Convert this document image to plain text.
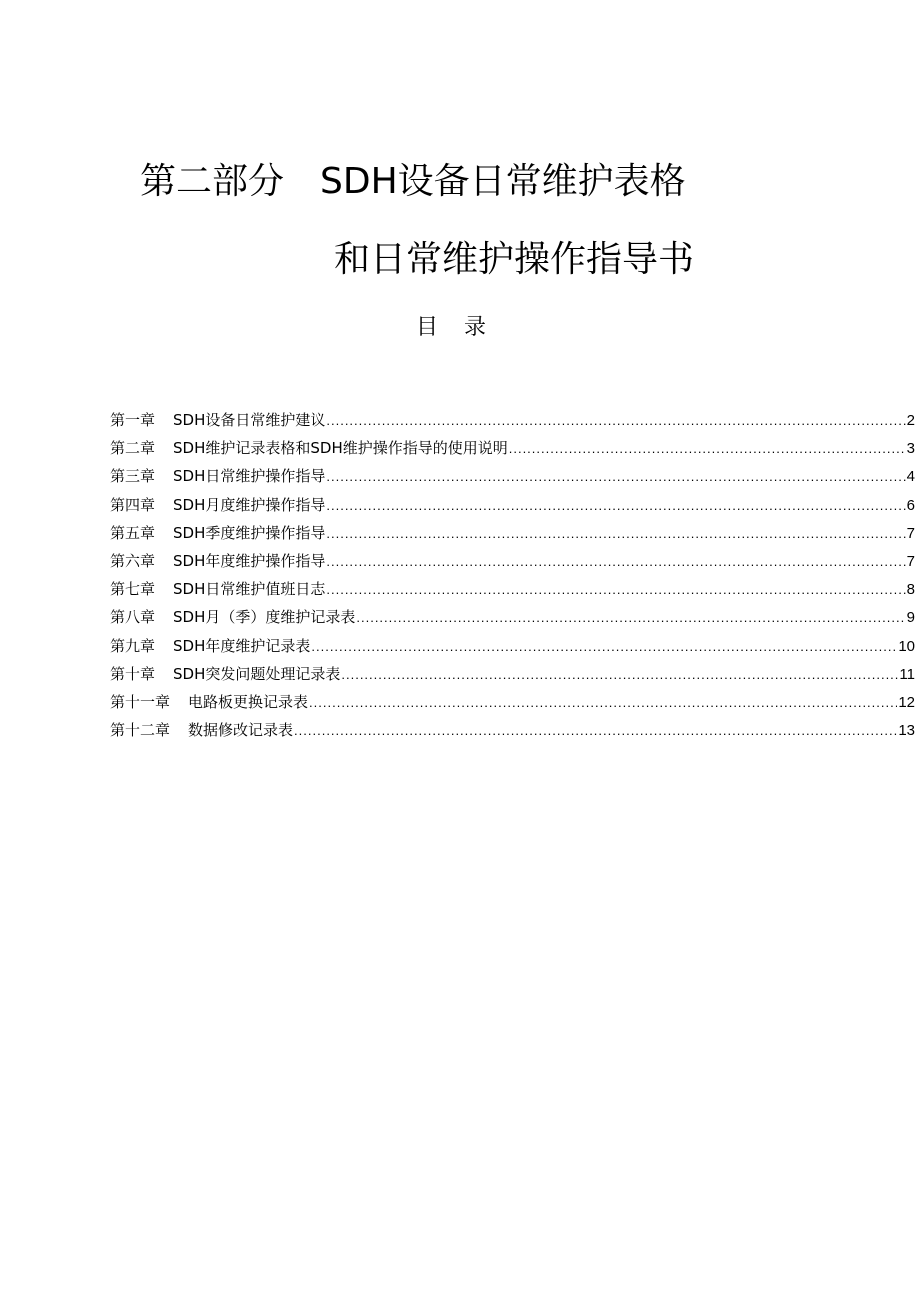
第二部分　SDH设备日常维护表格
和日常维护操作指导书
目录
第一章 SDH设备日常维护建议 .....	2
第二章 SDH维护记录表格和SDH维护操作指导的使用说明 .....	3
第三章 SDH日常维护操作指导 .....	4
第四章 SDH月度维护操作指导 .....	6
第五章 SDH季度维护操作指导 .....	7
第六章 SDH年度维护操作指导 .....	7
第七章 SDH日常维护值班日志 .....	8
第八章 SDH月（季）度维护记录表 .....	9
第九章 SDH年度维护记录表 .....	10
第十章 SDH突发问题处理记录表 .....	11
第十一章 电路板更换记录表 .....	12
第十二章 数据修改记录表 .....	13
